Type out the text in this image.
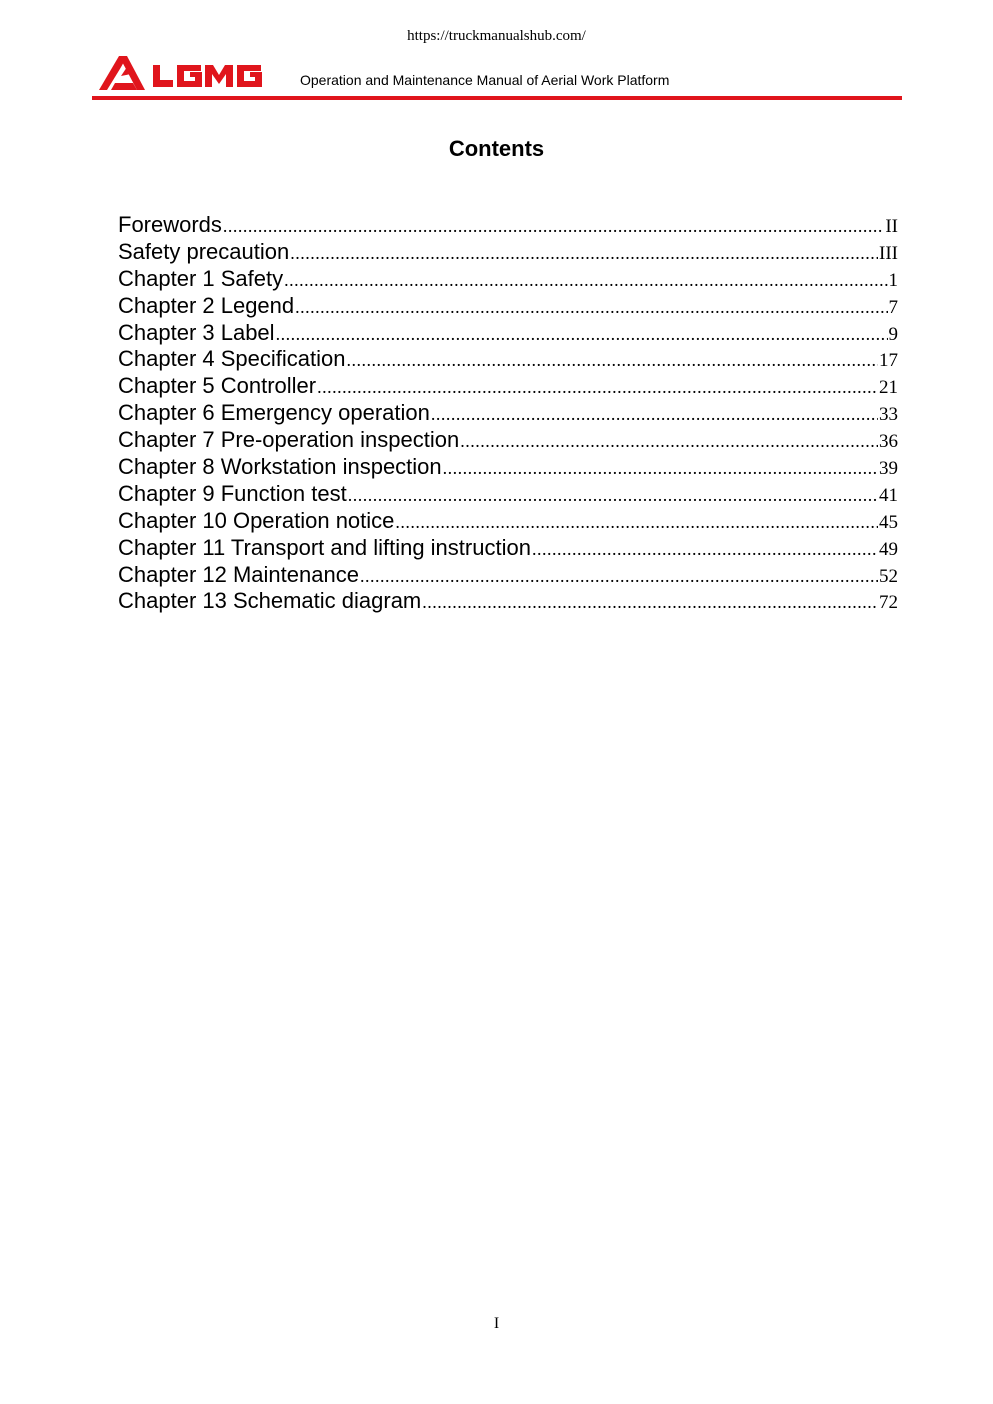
https://truckmanualshub.com/
Operation and Maintenance Manual of Aerial Work Platform
Contents
Forewords .....	II
Safety precaution .....	III
Chapter 1 Safety .....	1
Chapter 2 Legend .....	7
Chapter 3 Label .....	9
Chapter 4 Specification .....	17
Chapter 5 Controller .....	21
Chapter 6 Emergency operation .....	33
Chapter 7 Pre-operation inspection .....	36
Chapter 8 Workstation inspection .....	39
Chapter 9 Function test .....	41
Chapter 10 Operation notice .....	45
Chapter 11 Transport and lifting instruction .....	49
Chapter 12 Maintenance .....	52
Chapter 13 Schematic diagram .....	72
I
